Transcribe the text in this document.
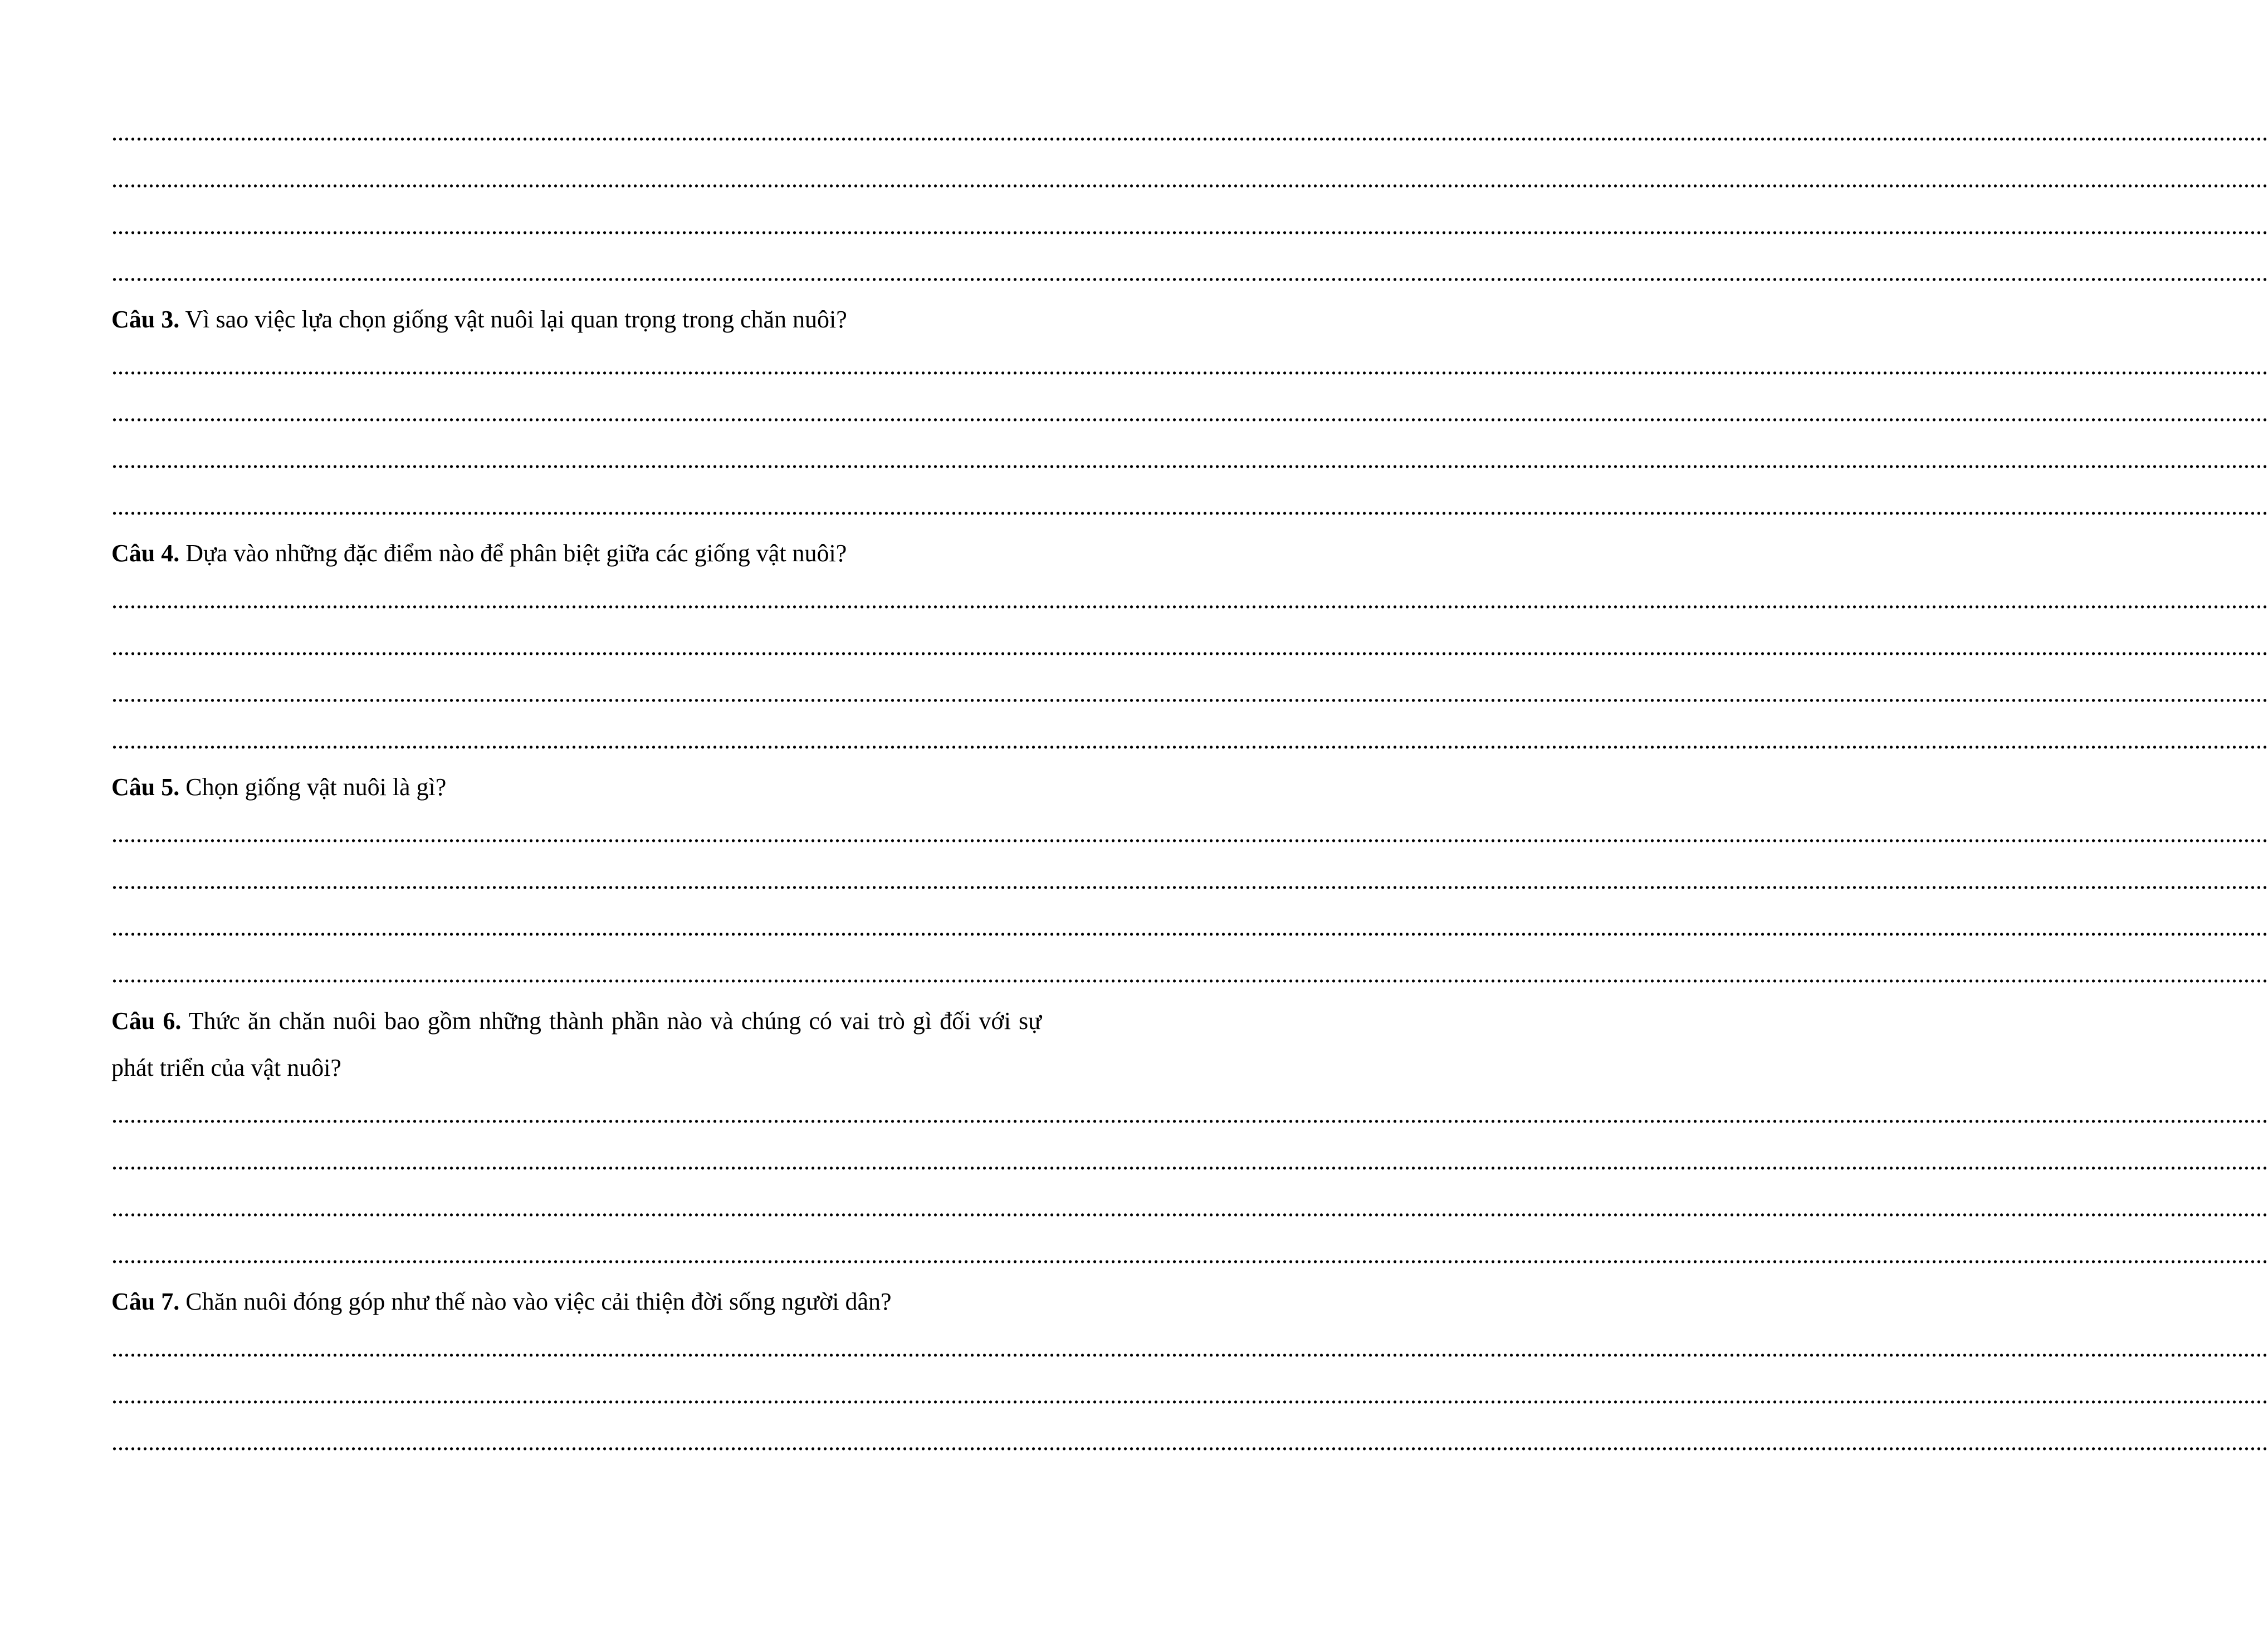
................................................................................................................................................................................................................................................................................................................................................................
................................................................................................................................................................................................................................................................................................................................................................
................................................................................................................................................................................................................................................................................................................................................................
................................................................................................................................................................................................................................................................................................................................................................
Câu 3. Vì sao việc lựa chọn giống vật nuôi lại quan trọng trong chăn nuôi?
................................................................................................................................................................................................................................................................................................................................................................
................................................................................................................................................................................................................................................................................................................................................................
................................................................................................................................................................................................................................................................................................................................................................
................................................................................................................................................................................................................................................................................................................................................................
Câu 4. Dựa vào những đặc điểm nào để phân biệt giữa các giống vật nuôi?
................................................................................................................................................................................................................................................................................................................................................................
................................................................................................................................................................................................................................................................................................................................................................
................................................................................................................................................................................................................................................................................................................................................................
................................................................................................................................................................................................................................................................................................................................................................
Câu 5. Chọn giống vật nuôi là gì?
................................................................................................................................................................................................................................................................................................................................................................
................................................................................................................................................................................................................................................................................................................................................................
................................................................................................................................................................................................................................................................................................................................................................
................................................................................................................................................................................................................................................................................................................................................................
Câu 6. Thức ăn chăn nuôi bao gồm những thành phần nào và chúng có vai trò gì đối với sự phát triển của vật nuôi?
................................................................................................................................................................................................................................................................................................................................................................
................................................................................................................................................................................................................................................................................................................................................................
................................................................................................................................................................................................................................................................................................................................................................
................................................................................................................................................................................................................................................................................................................................................................
Câu 7. Chăn nuôi đóng góp như thế nào vào việc cải thiện đời sống người dân?
................................................................................................................................................................................................................................................................................................................................................................
................................................................................................................................................................................................................................................................................................................................................................
................................................................................................................................................................................................................................................................................................................................................................
